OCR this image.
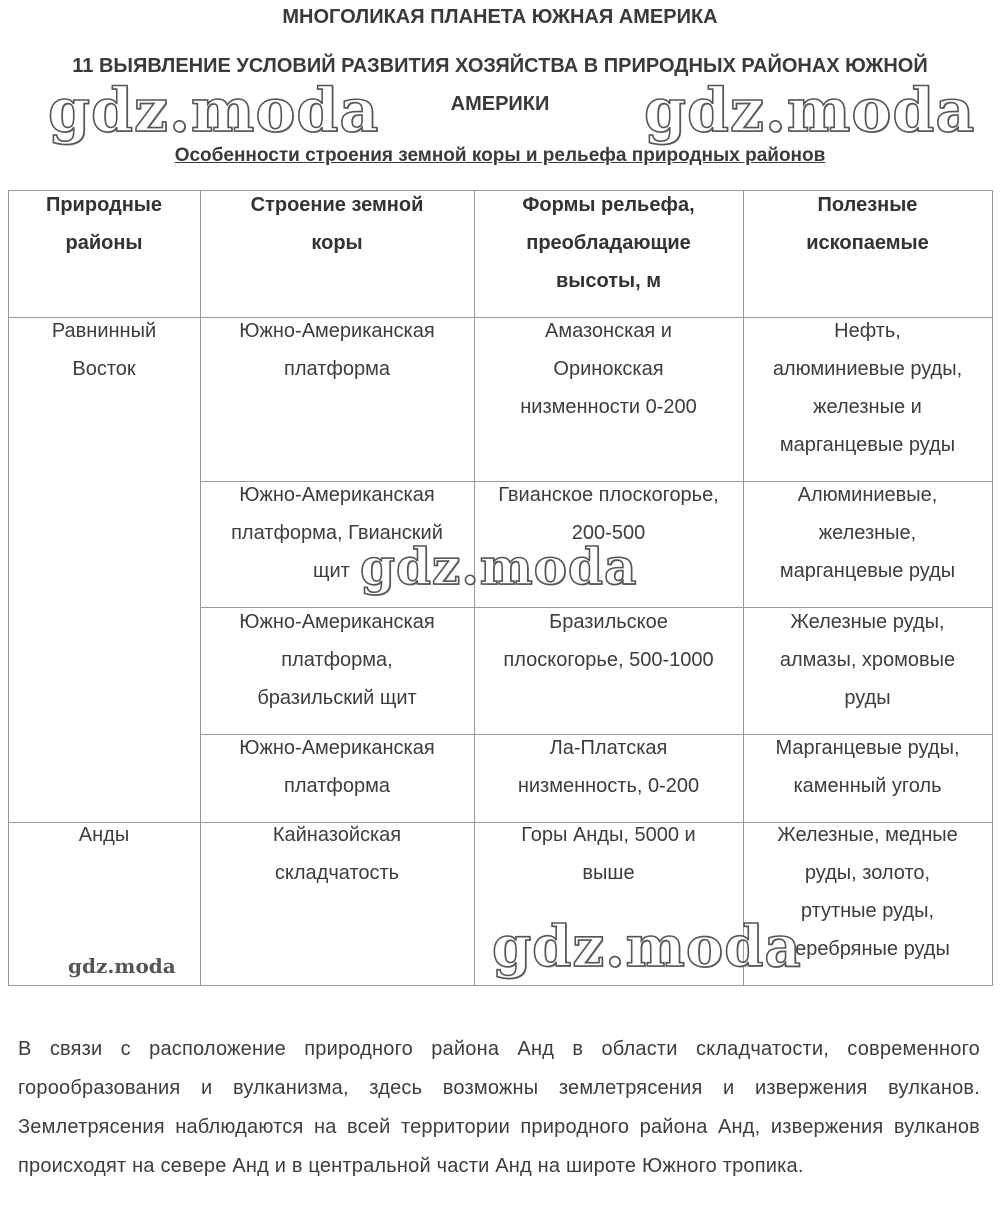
МНОГОЛИКАЯ ПЛАНЕТА ЮЖНАЯ АМЕРИКА
11 ВЫЯВЛЕНИЕ УСЛОВИЙ РАЗВИТИЯ ХОЗЯЙСТВА В ПРИРОДНЫХ РАЙОНАХ ЮЖНОЙ
АМЕРИКИ
Особенности строения земной коры и рельефа природных районов
Природные
районы
Строение земной
коры
Формы рельефа,
преобладающие
высоты, м
Полезные
ископаемые
Равнинный
Восток
Анды
Южно-Американская
платформа
Амазонская и
Оринокская
низменности 0-200
Нефть,
алюминиевые руды,
железные и
марганцевые руды
Южно-Американская
платформа, Гвианский
щит
Гвианское плоскогорье,
200-500
Алюминиевые,
железные,
марганцевые руды
Южно-Американская
платформа,
бразильский щит
Бразильское
плоскогорье, 500-1000
Железные руды,
алмазы, хромовые
руды
Южно-Американская
платформа
Ла-Платская
низменность, 0-200
Марганцевые руды,
каменный уголь
Кайназойская
складчатость
Горы Анды, 5000 и
выше
Железные, медные
руды, золото,
ртутные руды,
серебряные руды
В связи с расположение природного района Анд в области складчатости, современного горообразования и вулканизма, здесь возможны землетрясения и извержения вулканов. Землетрясения наблюдаются на всей территории природного района Анд, извержения вулканов происходят на севере Анд и в центральной части Анд на широте Южного тропика.
gdz.moda	gdz.moda
gdz.moda
gdz.moda
gdz.moda
